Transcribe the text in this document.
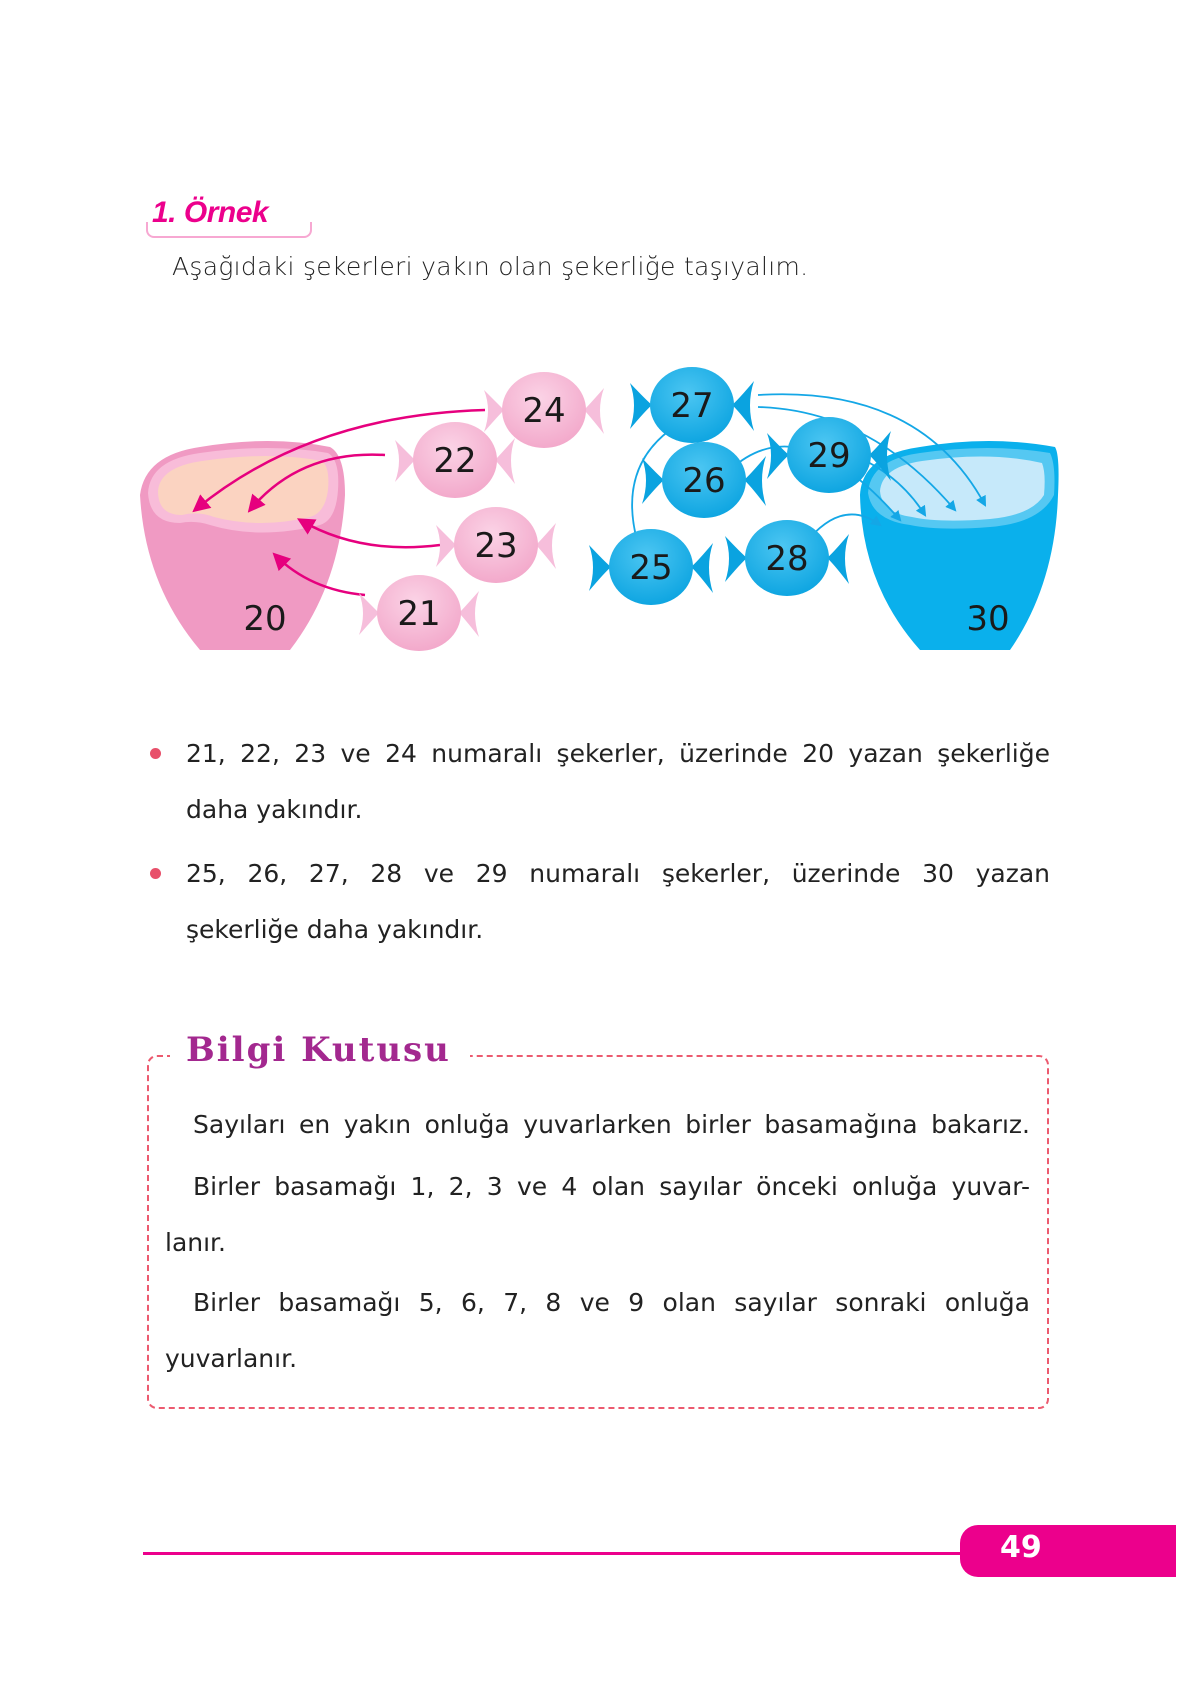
1. Örnek
Aşağıdaki şekerleri yakın olan şekerliğe taşıyalım.
20	30
24
22
23
21
27
26
29
25	28
21, 22, 23 ve 24 numaralı şekerler, üzerinde 20 yazan şekerliğe
daha yakındır.
25, 26, 27, 28 ve 29 numaralı şekerler, üzerinde 30 yazan
şekerliğe daha yakındır.
Bilgi Kutusu
Sayıları en yakın onluğa yuvarlarken birler basamağına bakarız.
Birler basamağı 1, 2, 3 ve 4 olan sayılar önceki onluğa yuvar-
lanır.
Birler basamağı 5, 6, 7, 8 ve 9 olan sayılar sonraki onluğa
yuvarlanır.
49
